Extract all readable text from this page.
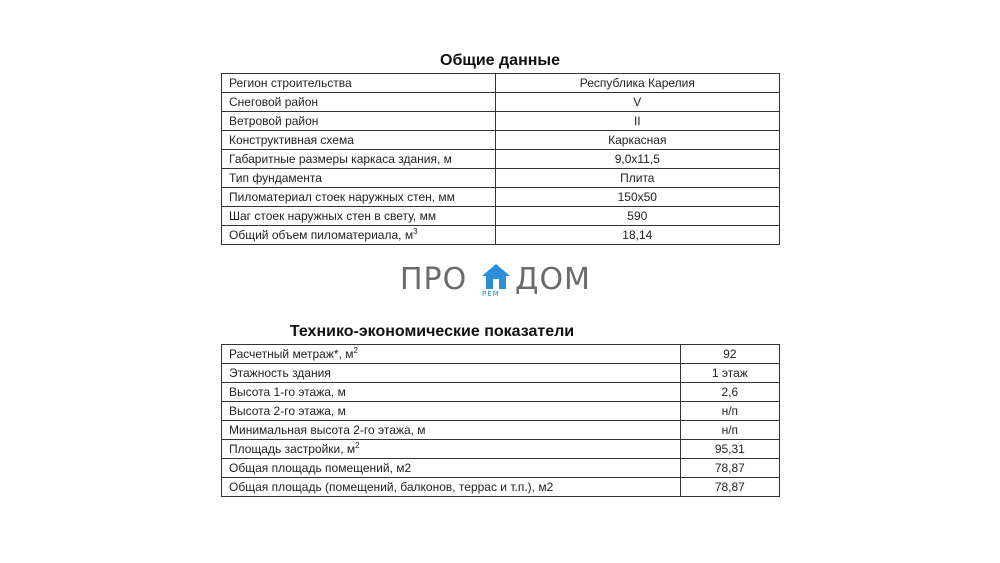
Общие данные
Регион строительства	Республика Карелия
Снеговой район	V
Ветровой район	II
Конструктивная схема	Каркасная
Габаритные размеры каркаса здания, м	9,0х11,5
Тип фундамента	Плита
Пиломатериал стоек наружных стен, мм	150х50
Шаг стоек наружных стен в свету, мм	590
Общий объем пиломатериала, $м^3$	18,14
ПРО РЕМ ДОМ
Технико-экономические показатели
Расчетный метраж*, $м^2$	92
Этажность здания	1 этаж
Высота 1-го этажа, м	2,6
Высота 2-го этажа, м	н/п
Минимальная высота 2-го этажа, м	н/п
Площадь застройки, $м^2$	95,31
Общая площадь помещений, м2	78,87
Общая площадь (помещений, балконов, террас и т.п.), м2	78,87
